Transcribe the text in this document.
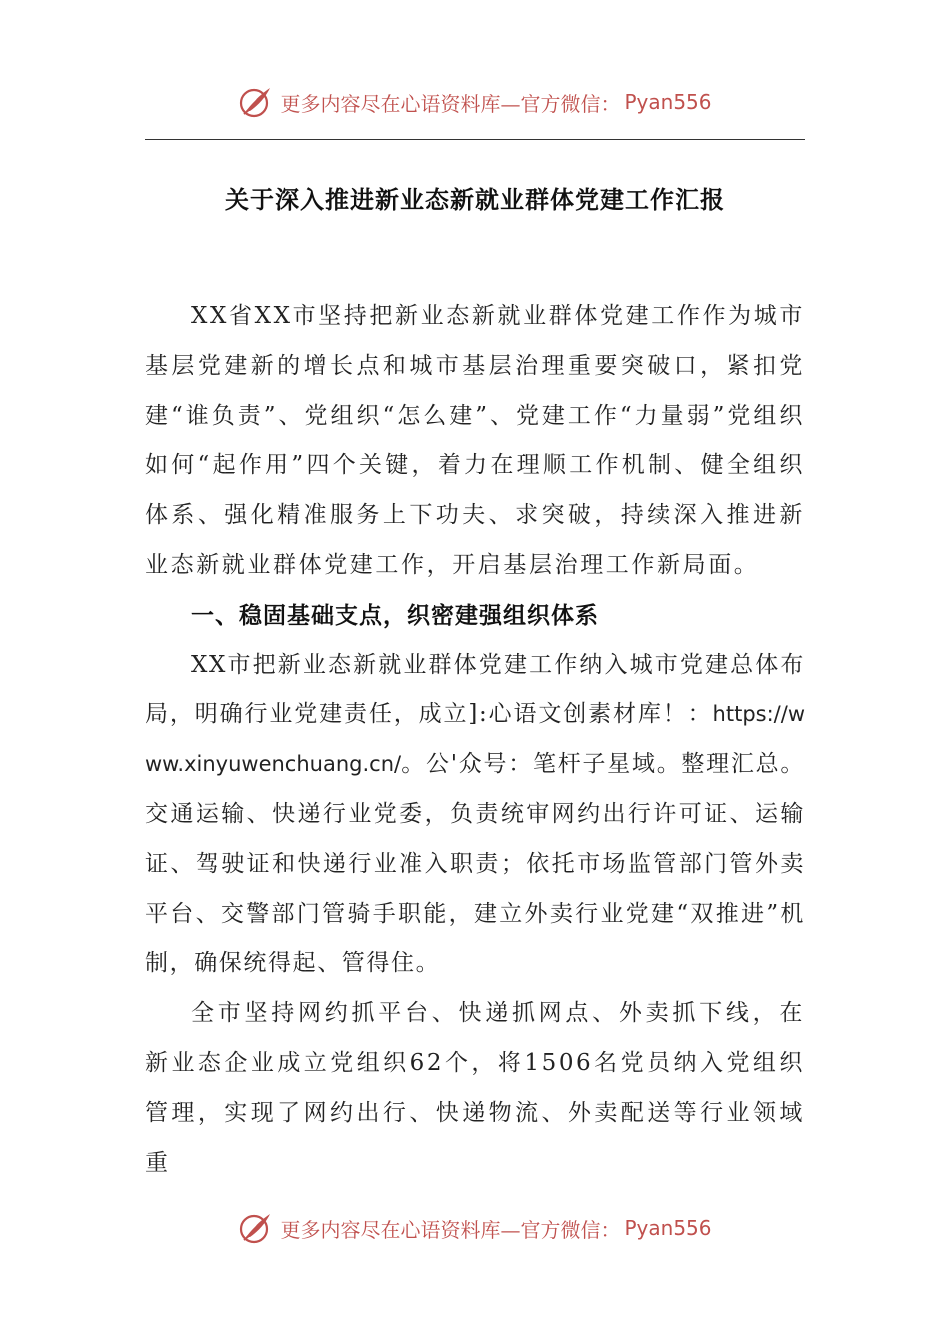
更多内容尽在心语资料库—官方微信： Pyan556
关于深入推进新业态新就业群体党建工作汇报

XX省XX市坚持把新业态新就业群体党建工作作为城市基层党建新的增长点和城市基层治理重要突破口，紧扣党建“谁负责”、党组织“怎么建”、党建工作“力量弱”党组织如何“起作用”四个关键，着力在理顺工作机制、健全组织体系、强化精准服务上下功夫、求突破，持续深入推进新业态新就业群体党建工作，开启基层治理工作新局面。

一、稳固基础支点，织密建强组织体系

XX市把新业态新就业群体党建工作纳入城市党建总体布局，明确行业党建责任，成立]:心语文创素材库！：https://www.xinyuwenchuang.cn/。公'众号：笔杆子星域。整理汇总。交通运输、快递行业党委，负责统审网约出行许可证、运输证、驾驶证和快递行业准入职责；依托市场监管部门管外卖平台、交警部门管骑手职能，建立外卖行业党建“双推进”机制，确保统得起、管得住。

全市坚持网约抓平台、快递抓网点、外卖抓下线，在新业态企业成立党组织62个，将1506名党员纳入党组织管理，实现了网约出行、快递物流、外卖配送等行业领域重

更多内容尽在心语资料库—官方微信： Pyan556
